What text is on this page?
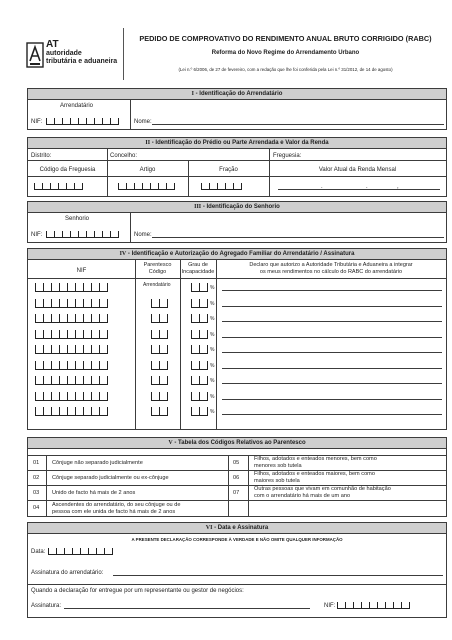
AT
autoridade
tributária e aduaneira
PEDIDO DE COMPROVATIVO DO RENDIMENTO ANUAL BRUTO CORRIGIDO (RABC)
Reforma do Novo Regime do Arrendamento Urbano
(Lei n.º 6/2006, de 27 de fevereiro, com a redação que lhe foi conferida pela Lei n.º 31/2012, de 14 de agosto)
I - Identificação do Arrendatário
Arrendatário
NIF:	Nome:
II - Identificação do Prédio ou Parte Arrendada e Valor da Renda
Distrito:	Concelho:	Freguesia:
Código da Freguesia	Artigo	Fração	Valor Atual da Renda Mensal
.	.	,
III - Identificação do Senhorio
Senhorio
NIF:	Nome:
IV - Identificação e Autorização do Agregado Familiar do Arrendatário / Assinatura
NIF
Parentesco
Código
Grau de
Incapacidade
Declaro que autorizo a Autoridade Tributária e Aduaneira a integrar
os meus rendimentos no cálculo do RABC do arrendatário
Arrendatário	%
%
%
%
%
%
%
%
%
V - Tabela dos Códigos Relativos ao Parentesco
01 Cônjuge não separado judicialmente
02 Cônjuge separado judicialmente ou ex-cônjuge
03 Unido de facto há mais de 2 anos
04 Ascendentes do arrendatário, do seu cônjuge ou de
pessoa com ele unida de facto há mais de 2 anos
05
Filhos, adotados e enteados menores, bem como
menores sob tutela
06
Filhos, adotados e enteados maiores, bem como
maiores sob tutela
07
Outras pessoas que vivam em comunhão de habitação
com o arrendatário há mais de um ano
VI - Data e Assinatura
A PRESENTE DECLARAÇÃO CORRESPONDE À VERDADE E NÃO OMITE QUALQUER INFORMAÇÃO
Data:
Assinatura do arrendatário:
Quando a declaração for entregue por um representante ou gestor de negócios:
Assinatura:	NIF:
